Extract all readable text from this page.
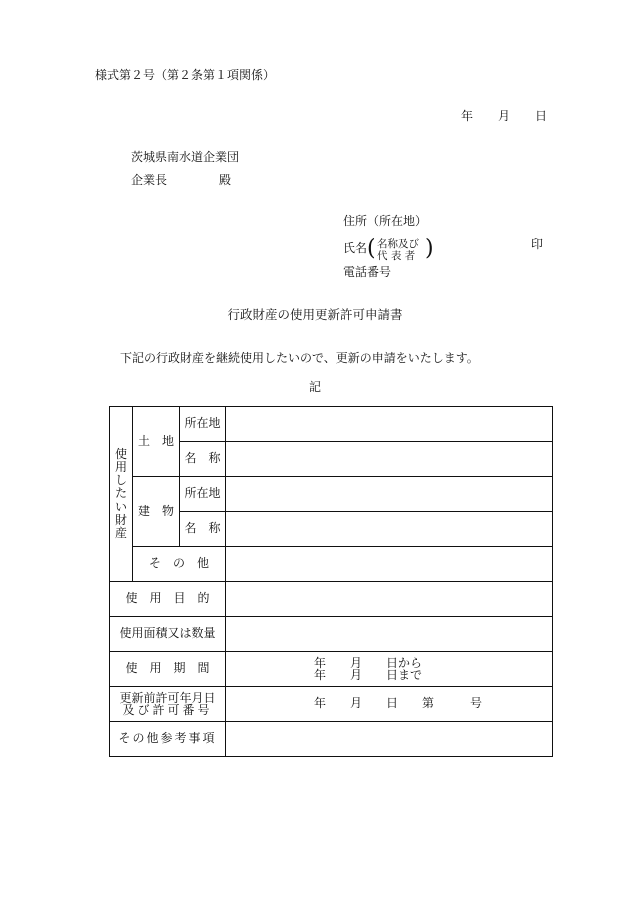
様式第２号（第２条第１項関係）
年 月 日
茨城県南水道企業団
企業長	殿
住所（所在地）
氏名 ( 名称及び
代 表 者 )	印
電話番号
行政財産の使用更新許可申請書
下記の行政財産を継続使用したいので、更新の申請をいたします。
記
使用したい財産	土　地	所在地	
		名　称	
	建　物	所在地	
		名　称	
	そ　の　他		
使　用　目　的			
使用面積又は数量			
使　用　期　間			年　　月　　日から
年　　月　　日まで

更新前許可年月日
及び許可番号			年　　月　　日　　第　　　号
その他参考事項			
